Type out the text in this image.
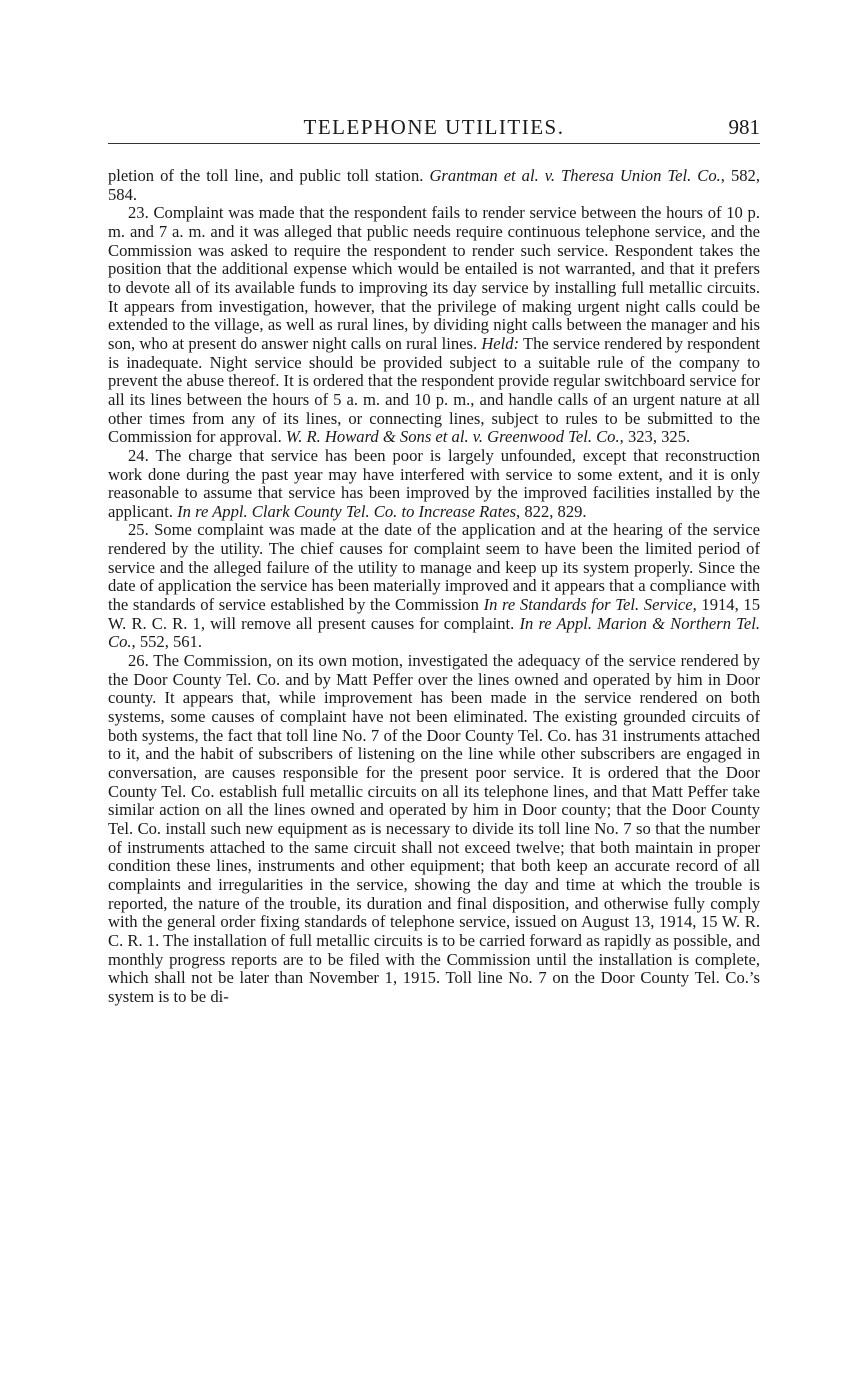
TELEPHONE UTILITIES.	981

pletion of the toll line, and public toll station. Grantman et al. v. Theresa Union Tel. Co., 582, 584.

23. Complaint was made that the respondent fails to render service between the hours of 10 p. m. and 7 a. m. and it was alleged that public needs require continuous telephone service, and the Commission was asked to require the respondent to render such service. Respondent takes the position that the additional expense which would be entailed is not warranted, and that it prefers to devote all of its available funds to improving its day service by installing full metallic circuits. It appears from investigation, however, that the privilege of making urgent night calls could be extended to the village, as well as rural lines, by dividing night calls between the manager and his son, who at present do answer night calls on rural lines. Held: The service rendered by respondent is inadequate. Night service should be provided subject to a suitable rule of the company to prevent the abuse thereof. It is ordered that the respondent provide regular switchboard service for all its lines between the hours of 5 a. m. and 10 p. m., and handle calls of an urgent nature at all other times from any of its lines, or connecting lines, subject to rules to be submitted to the Commission for approval. W. R. Howard & Sons et al. v. Greenwood Tel. Co., 323, 325.

24. The charge that service has been poor is largely unfounded, except that reconstruction work done during the past year may have interfered with service to some extent, and it is only reasonable to assume that service has been improved by the improved facilities installed by the applicant. In re Appl. Clark County Tel. Co. to Increase Rates, 822, 829.

25. Some complaint was made at the date of the application and at the hearing of the service rendered by the utility. The chief causes for complaint seem to have been the limited period of service and the alleged failure of the utility to manage and keep up its system properly. Since the date of application the service has been materially improved and it appears that a compliance with the standards of service established by the Commission In re Standards for Tel. Service, 1914, 15 W. R. C. R. 1, will remove all present causes for complaint. In re Appl. Marion & Northern Tel. Co., 552, 561.

26. The Commission, on its own motion, investigated the adequacy of the service rendered by the Door County Tel. Co. and by Matt Peffer over the lines owned and operated by him in Door county. It appears that, while improvement has been made in the service rendered on both systems, some causes of complaint have not been eliminated. The existing grounded circuits of both systems, the fact that toll line No. 7 of the Door County Tel. Co. has 31 instruments attached to it, and the habit of subscribers of listening on the line while other subscribers are engaged in conversation, are causes responsible for the present poor service. It is ordered that the Door County Tel. Co. establish full metallic circuits on all its telephone lines, and that Matt Peffer take similar action on all the lines owned and operated by him in Door county; that the Door County Tel. Co. install such new equipment as is necessary to divide its toll line No. 7 so that the number of instruments attached to the same circuit shall not exceed twelve; that both maintain in proper condition these lines, instruments and other equipment; that both keep an accurate record of all complaints and irregularities in the service, showing the day and time at which the trouble is reported, the nature of the trouble, its duration and final disposition, and otherwise fully comply with the general order fixing standards of telephone service, issued on August 13, 1914, 15 W. R. C. R. 1. The installation of full metallic circuits is to be carried forward as rapidly as possible, and monthly progress reports are to be filed with the Commission until the installation is complete, which shall not be later than November 1, 1915. Toll line No. 7 on the Door County Tel. Co.’s system is to be di-
